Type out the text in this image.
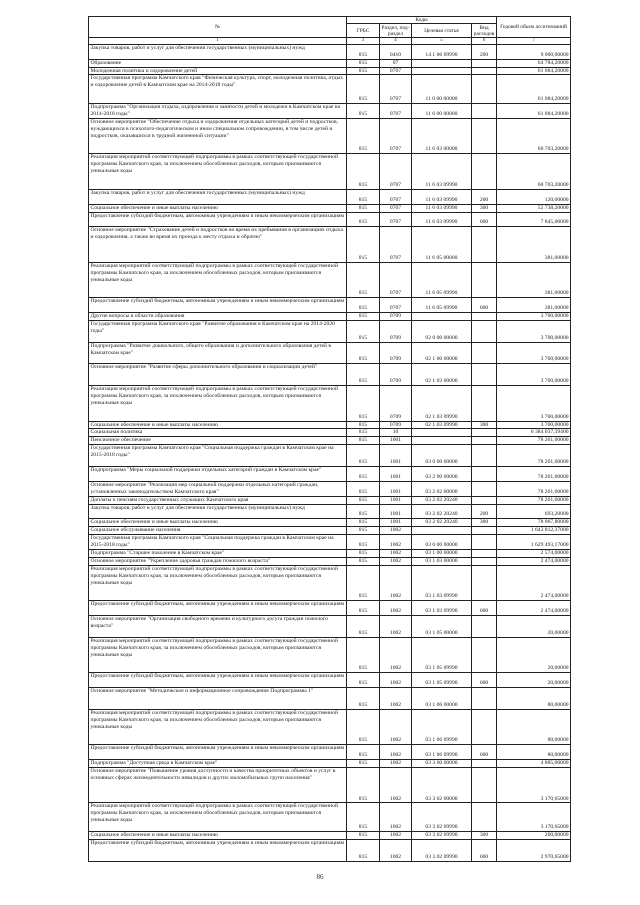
№	Коды				Годовой объем ассигнований
	ГРБС	Раздел, под-раздел	Целевая статья	Вид расходов	
1	3	4	5	6	7
Закупка товаров, работ и услуг для обеспечения государственных (муниципальных) нужд	815	0410	14 1 06 09990	200	9 000,00000
Образование	815	07			64 784,20000
Молодежная политика и оздоровление детей	815	0707			61 084,20000
Государственная программа Камчатского края "Физическая культура, спорт, молодежная политика, отдых и оздоровление детей в Камчатском крае на 2014-2018 годы"	815	0707	11 0 00 00000		61 084,20000
Подпрограмма "Организация отдыха, оздоровления и занятости детей и молодежи в Камчатском крае на 2014-2018 годы"	815	0707	11 6 00 00000		61 084,20000
Основное мероприятие "Обеспечение отдыха и оздоровления отдельных категорий детей и подростков, нуждающихся в психолого-педагогическом и ином специальном сопровождении, в том числе детей и подростков, оказавшихся в трудной жизненной ситуации"	815	0707	11 6 03 00000		60 703,20000
Реализация мероприятий соответствующей подпрограммы в рамках соответствующей государственной программы Камчатского края, за исключением обособленных расходов, которым присваиваются уникальные коды	815	0707	11 6 03 09990		60 703,20000
Закупка товаров, работ и услуг для обеспечения государственных (муниципальных) нужд	815	0707	11 6 03 09990	200	120,00000
Социальное обеспечение и иные выплаты населению	815	0707	11 6 03 09990	300	52 738,20000
Предоставление субсидий бюджетным, автономным учреждениям и иным некоммерческим организациям	815	0707	11 6 03 09990	600	7 845,00000
Основное мероприятие "Страхование детей и подростков во время их пребывания в организациях отдыха и оздоровления, а также во время их проезда к месту отдыха и обратно"	815	0707	11 6 05 00000		381,00000
Реализация мероприятий соответствующей подпрограммы в рамках соответствующей государственной программы Камчатского края, за исключением обособленных расходов, которым присваиваются уникальные коды	815	0707	11 6 05 09990		381,00000
Предоставление субсидий бюджетным, автономным учреждениям и иным некоммерческим организациям	815	0707	11 6 05 09990	600	381,00000
Другие вопросы в области образования	815	0709			3 700,00000
Государственная программа Камчатского края "Развитие образования в Камчатском крае на 2014-2020 годы"	815	0709	02 0 00 00000		3 700,00000
Подпрограмма "Развитие дошкольного, общего образования и дополнительного образования детей в Камчатском крае"	815	0709	02 1 00 00000		3 700,00000
Основное мероприятие "Развитие сферы дополнительного образования и социализации детей"	815	0709	02 1 03 00000		3 700,00000
Реализация мероприятий соответствующей подпрограммы в рамках соответствующей государственной программы Камчатского края, за исключением обособленных расходов, которым присваиваются уникальные коды	815	0709	02 1 03 09990		3 700,00000
Социальное обеспечение и иные выплаты населению	815	0709	02 1 03 09990	300	3 700,00000
Социальная политика	815	10			6 384 037,39400
Пенсионное обеспечение	815	1001			78 261,00000
Государственная программа Камчатского края "Социальная поддержка граждан в Камчатском крае на 2015-2018 годы"	815	1001	03 0 00 00000		78 261,00000
Подпрограмма "Меры социальной поддержки отдельных категорий граждан в Камчатском крае"	815	1001	03 2 00 00000		78 261,00000
Основное мероприятие "Реализация мер социальной поддержки отдельных категорий граждан, установленных законодательством Камчатского края"	815	1001	03 2 02 00000		78 261,00000
Доплаты к пенсиям государственных служащих Камчатского края	815	1001	03 2 02 20240		78 261,00000
Закупка товаров, работ и услуг для обеспечения государственных (муниципальных) нужд	815	1001	03 2 02 20240	200	693,20000
Социальное обеспечение и иные выплаты населению	815	1001	03 2 02 20240	300	78 067,80000
Социальное обслуживание населения	815	1002			1 643 812,37000
Государственная программа Камчатского края "Социальная поддержка граждан в Камчатском крае на 2015-2018 годы"	815	1002	03 0 00 00000		1 629 493,17000
Подпрограмма "Старшее поколение в Камчатском крае"	815	1002	03 1 00 00000		2 574,00000
Основное мероприятие "Укрепление здоровья граждан пожилого возраста"	815	1002	03 1 03 00000		2 474,00000
Реализация мероприятий соответствующей подпрограммы в рамках соответствующей государственной программы Камчатского края, за исключением обособленных расходов, которым присваиваются уникальные коды	815	1002	03 1 03 09990		2 474,00000
Предоставление субсидий бюджетным, автономным учреждениям и иным некоммерческим организациям	815	1002	03 1 03 09990	600	2 474,00000
Основное мероприятие "Организация свободного времени и культурного досуга граждан пожилого возраста"	815	1002	03 1 05 00000		20,00000
Реализация мероприятий соответствующей подпрограммы в рамках соответствующей государственной программы Камчатского края, за исключением обособленных расходов, которым присваиваются уникальные коды	815	1002	03 1 05 09990		20,00000
Предоставление субсидий бюджетным, автономным учреждениям и иным некоммерческим организациям	815	1002	03 1 05 09990	600	20,00000
Основное мероприятие "Методическое и информационное сопровождение Подпрограммы 1"	815	1002	03 1 06 00000		80,00000
Реализация мероприятий соответствующей подпрограммы в рамках соответствующей государственной программы Камчатского края, за исключением обособленных расходов, которым присваиваются уникальные коды	815	1002	03 1 06 09990		80,00000
Предоставление субсидий бюджетным, автономным учреждениям и иным некоммерческим организациям	815	1002	03 1 06 09990	600	80,00000
Подпрограмма "Доступная среда в Камчатском крае"	815	1002	03 3 00 00000		4 885,00000
Основное мероприятие "Повышение уровня доступности и качества приоритетных объектов и услуг в основных сферах жизнедеятельности инвалидов и других маломобильных групп населения"	815	1002	03 3 02 00000		3 170,65000
Реализация мероприятий соответствующей подпрограммы в рамках соответствующей государственной программы Камчатского края, за исключением обособленных расходов, которым присваиваются уникальные коды	815	1002	03 3 02 09990		3 170,65000
Социальное обеспечение и иные выплаты населению	815	1002	03 3 02 09990	300	200,00000
Предоставление субсидий бюджетным, автономным учреждениям и иным некоммерческим организациям	815	1002	03 3 02 09990	600	2 970,65000
86
